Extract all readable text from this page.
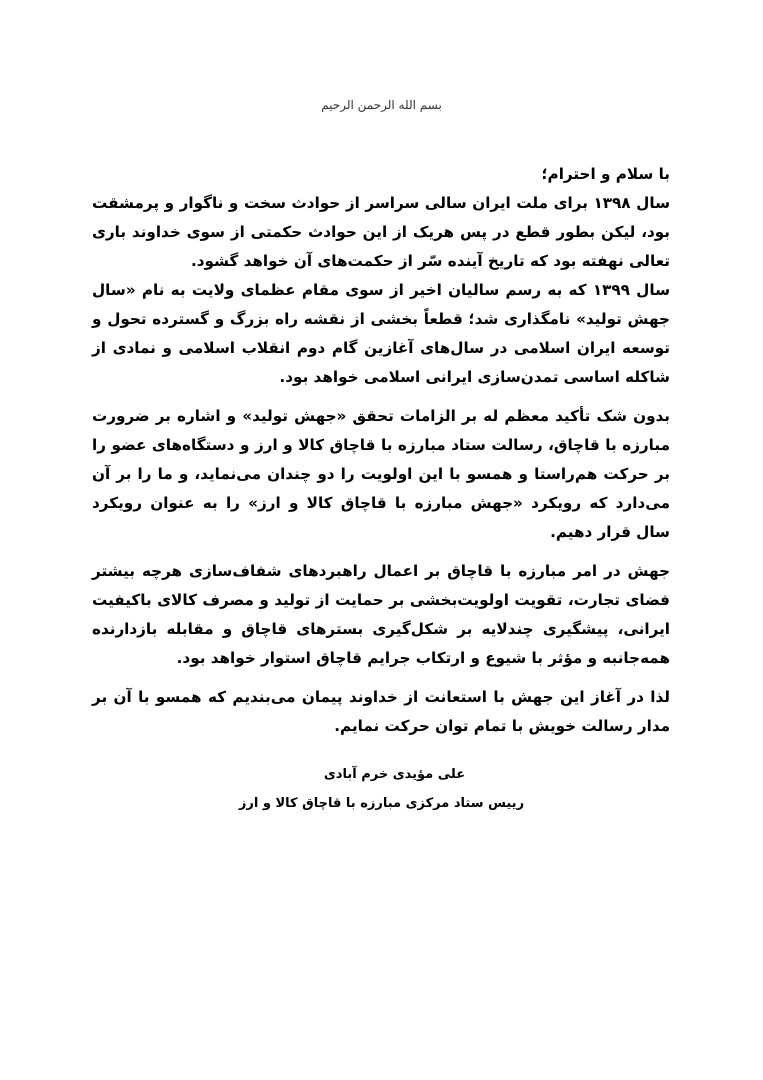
بسم الله الرحمن الرحیم

با سلام و احترام؛

سال ۱۳۹۸ برای ملت ایران سالی سراسر از حوادث سخت و ناگوار و پرمشقت بود، لیکن بطور قطع در پس هریک از این حوادث حکمتی از سوی خداوند باری تعالی نهفته بود که تاریخ آینده سّر از حکمت‌های آن خواهد گشود.

سال ۱۳۹۹ که به رسم سالیان اخیر از سوی مقام عظمای ولایت به نام «سال جهش تولید» نامگذاری شد؛ قطعاً بخشی از نقشه راه بزرگ و گسترده تحول و توسعه ایران اسلامی در سال‌های آغازین گام دوم انقلاب اسلامی و نمادی از شاکله اساسی تمدن‌سازی ایرانی اسلامی خواهد بود.

بدون شک تأکید معظم له بر الزامات تحقق «جهش تولید» و اشاره بر ضرورت مبارزه با قاچاق، رسالت ستاد مبارزه با قاچاق کالا و ارز و دستگاه‌های عضو را بر حرکت هم‌راستا و همسو با این اولویت را دو چندان می‌نماید، و ما را بر آن می‌دارد که رویکرد «جهش مبارزه با قاچاق کالا و ارز» را به عنوان رویکرد سال قرار دهیم.

جهش در امر مبارزه با قاچاق بر اعمال راهبردهای شفاف‌سازی هرچه بیشتر فضای تجارت، تقویت اولویت‌بخشی بر حمایت از تولید و مصرف کالای باکیفیت ایرانی، پیشگیری چندلایه بر شکل‌گیری بسترهای قاچاق و مقابله بازدارنده همه‌جانبه و مؤثر با شیوع و ارتکاب جرایم قاچاق استوار خواهد بود.

لذا در آغاز این جهش با استعانت از خداوند پیمان می‌بندیم که همسو با آن بر مدار رسالت خویش با تمام توان حرکت نمایم.

علی مؤیدی خرم آبادی
رییس ستاد مرکزی مبارزه با قاچاق کالا و ارز
